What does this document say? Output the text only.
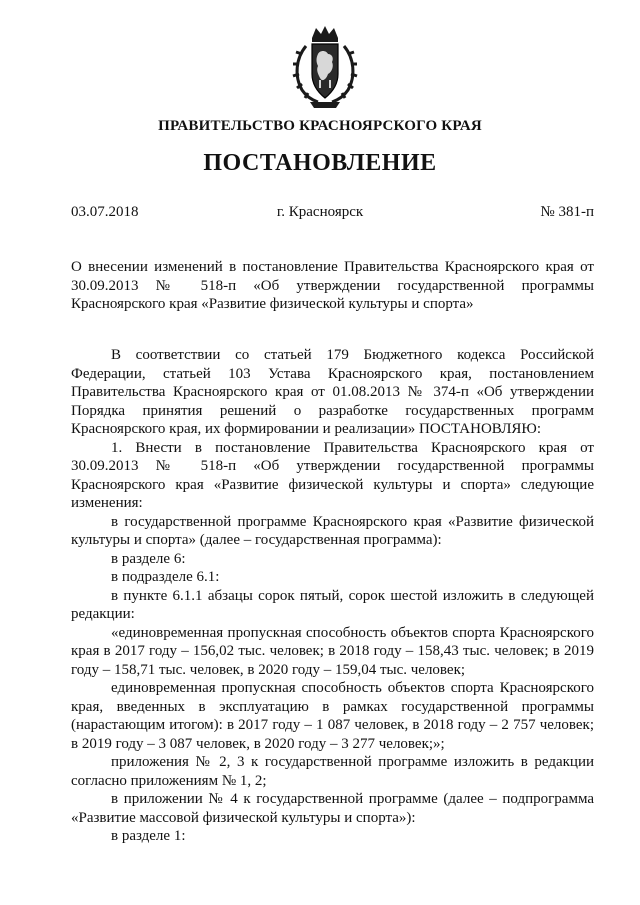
ПРАВИТЕЛЬСТВО КРАСНОЯРСКОГО КРАЯ
ПОСТАНОВЛЕНИЕ
03.07.2018	г. Красноярск	№ 381-п
О внесении изменений в постановление Правительства Красноярского края от 30.09.2013 № 518-п «Об утверждении государственной программы Красноярского края «Развитие физической культуры и спорта»

В соответствии со статьей 179 Бюджетного кодекса Российской Федерации, статьей 103 Устава Красноярского края, постановлением Правительства Красноярского края от 01.08.2013 № 374-п «Об утверждении Порядка принятия решений о разработке государственных программ Красноярского края, их формировании и реализации» ПОСТАНОВЛЯЮ:

1. Внести в постановление Правительства Красноярского края от 30.09.2013 № 518-п «Об утверждении государственной программы Красноярского края «Развитие физической культуры и спорта» следующие изменения:

в государственной программе Красноярского края «Развитие физической культуры и спорта» (далее – государственная программа):

в разделе 6:

в подразделе 6.1:

в пункте 6.1.1 абзацы сорок пятый, сорок шестой изложить в следующей редакции:

«единовременная пропускная способность объектов спорта Красноярского края в 2017 году – 156,02 тыс. человек; в 2018 году – 158,43 тыс. человек; в 2019 году – 158,71 тыс. человек, в 2020 году – 159,04 тыс. человек;

единовременная пропускная способность объектов спорта Красноярского края, введенных в эксплуатацию в рамках государственной программы (нарастающим итогом): в 2017 году – 1 087 человек, в 2018 году – 2 757 человек; в 2019 году – 3 087 человек, в 2020 году – 3 277 человек;»;

приложения № 2, 3 к государственной программе изложить в редакции согласно приложениям № 1, 2;

в приложении № 4 к государственной программе (далее – подпрограмма «Развитие массовой физической культуры и спорта»):

в разделе 1:
